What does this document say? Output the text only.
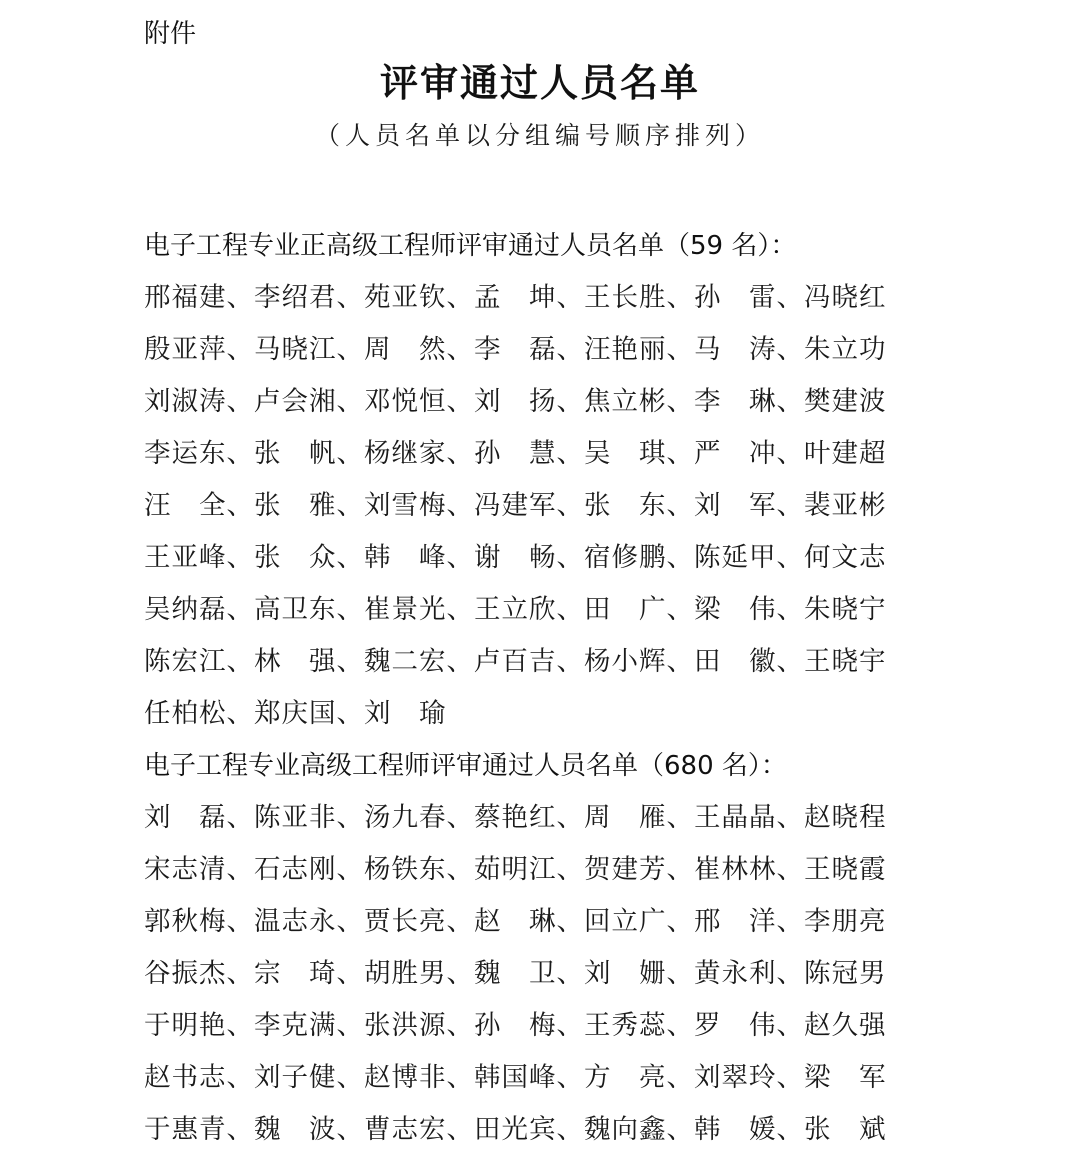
附件
评审通过人员名单
（人员名单以分组编号顺序排列）
电子工程专业正高级工程师评审通过人员名单（59 名）：
邢福建、李绍君、苑亚钦、孟　坤、王长胜、孙　雷、冯晓红
殷亚萍、马晓江、周　然、李　磊、汪艳丽、马　涛、朱立功
刘淑涛、卢会湘、邓悦恒、刘　扬、焦立彬、李　琳、樊建波
李运东、张　帆、杨继家、孙　慧、吴　琪、严　冲、叶建超
汪　全、张　雅、刘雪梅、冯建军、张　东、刘　军、裴亚彬
王亚峰、张　众、韩　峰、谢　畅、宿修鹏、陈延甲、何文志
吴纳磊、高卫东、崔景光、王立欣、田　广、梁　伟、朱晓宁
陈宏江、林　强、魏二宏、卢百吉、杨小辉、田　徽、王晓宇
任柏松、郑庆国、刘　瑜
电子工程专业高级工程师评审通过人员名单（680 名）：
刘　磊、陈亚非、汤九春、蔡艳红、周　雁、王晶晶、赵晓程
宋志清、石志刚、杨铁东、茹明江、贺建芳、崔林林、王晓霞
郭秋梅、温志永、贾长亮、赵　琳、回立广、邢　洋、李朋亮
谷振杰、宗　琦、胡胜男、魏　卫、刘　姗、黄永利、陈冠男
于明艳、李克满、张洪源、孙　梅、王秀蕊、罗　伟、赵久强
赵书志、刘子健、赵博非、韩国峰、方　亮、刘翠玲、梁　军
于惠青、魏　波、曹志宏、田光宾、魏向鑫、韩　媛、张　斌
